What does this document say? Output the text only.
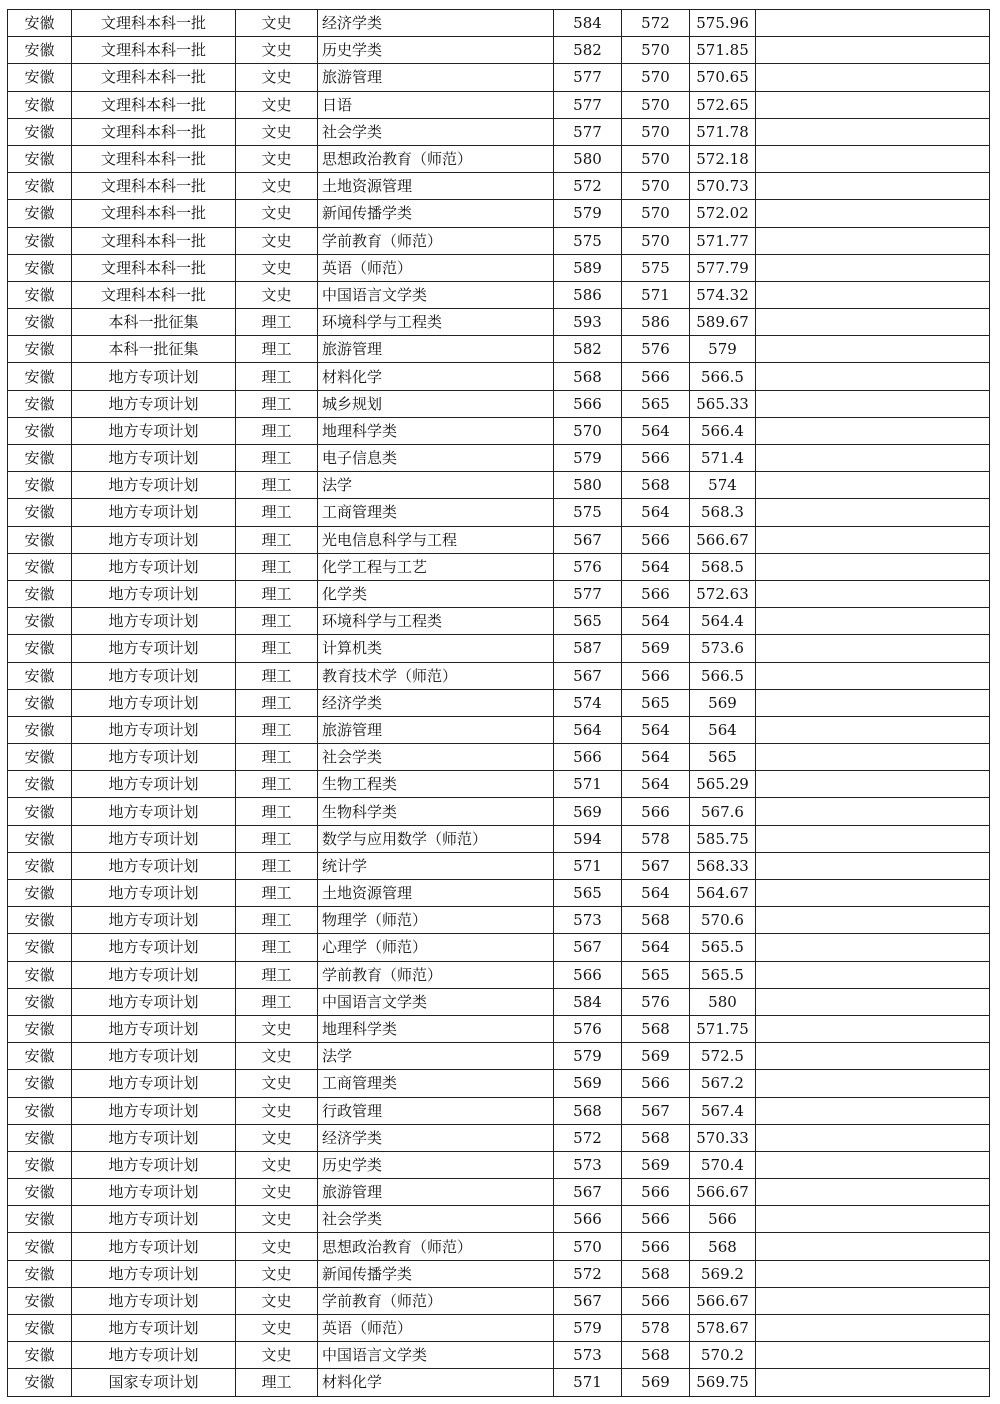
安徽	文理科本科一批	文史	经济学类	584	572	575.96	
安徽	文理科本科一批	文史	历史学类	582	570	571.85	
安徽	文理科本科一批	文史	旅游管理	577	570	570.65	
安徽	文理科本科一批	文史	日语	577	570	572.65	
安徽	文理科本科一批	文史	社会学类	577	570	571.78	
安徽	文理科本科一批	文史	思想政治教育（师范）	580	570	572.18	
安徽	文理科本科一批	文史	土地资源管理	572	570	570.73	
安徽	文理科本科一批	文史	新闻传播学类	579	570	572.02	
安徽	文理科本科一批	文史	学前教育（师范）	575	570	571.77	
安徽	文理科本科一批	文史	英语（师范）	589	575	577.79	
安徽	文理科本科一批	文史	中国语言文学类	586	571	574.32	
安徽	本科一批征集	理工	环境科学与工程类	593	586	589.67	
安徽	本科一批征集	理工	旅游管理	582	576	579	
安徽	地方专项计划	理工	材料化学	568	566	566.5	
安徽	地方专项计划	理工	城乡规划	566	565	565.33	
安徽	地方专项计划	理工	地理科学类	570	564	566.4	
安徽	地方专项计划	理工	电子信息类	579	566	571.4	
安徽	地方专项计划	理工	法学	580	568	574	
安徽	地方专项计划	理工	工商管理类	575	564	568.3	
安徽	地方专项计划	理工	光电信息科学与工程	567	566	566.67	
安徽	地方专项计划	理工	化学工程与工艺	576	564	568.5	
安徽	地方专项计划	理工	化学类	577	566	572.63	
安徽	地方专项计划	理工	环境科学与工程类	565	564	564.4	
安徽	地方专项计划	理工	计算机类	587	569	573.6	
安徽	地方专项计划	理工	教育技术学（师范）	567	566	566.5	
安徽	地方专项计划	理工	经济学类	574	565	569	
安徽	地方专项计划	理工	旅游管理	564	564	564	
安徽	地方专项计划	理工	社会学类	566	564	565	
安徽	地方专项计划	理工	生物工程类	571	564	565.29	
安徽	地方专项计划	理工	生物科学类	569	566	567.6	
安徽	地方专项计划	理工	数学与应用数学（师范）	594	578	585.75	
安徽	地方专项计划	理工	统计学	571	567	568.33	
安徽	地方专项计划	理工	土地资源管理	565	564	564.67	
安徽	地方专项计划	理工	物理学（师范）	573	568	570.6	
安徽	地方专项计划	理工	心理学（师范）	567	564	565.5	
安徽	地方专项计划	理工	学前教育（师范）	566	565	565.5	
安徽	地方专项计划	理工	中国语言文学类	584	576	580	
安徽	地方专项计划	文史	地理科学类	576	568	571.75	
安徽	地方专项计划	文史	法学	579	569	572.5	
安徽	地方专项计划	文史	工商管理类	569	566	567.2	
安徽	地方专项计划	文史	行政管理	568	567	567.4	
安徽	地方专项计划	文史	经济学类	572	568	570.33	
安徽	地方专项计划	文史	历史学类	573	569	570.4	
安徽	地方专项计划	文史	旅游管理	567	566	566.67	
安徽	地方专项计划	文史	社会学类	566	566	566	
安徽	地方专项计划	文史	思想政治教育（师范）	570	566	568	
安徽	地方专项计划	文史	新闻传播学类	572	568	569.2	
安徽	地方专项计划	文史	学前教育（师范）	567	566	566.67	
安徽	地方专项计划	文史	英语（师范）	579	578	578.67	
安徽	地方专项计划	文史	中国语言文学类	573	568	570.2	
安徽	国家专项计划	理工	材料化学	571	569	569.75	
